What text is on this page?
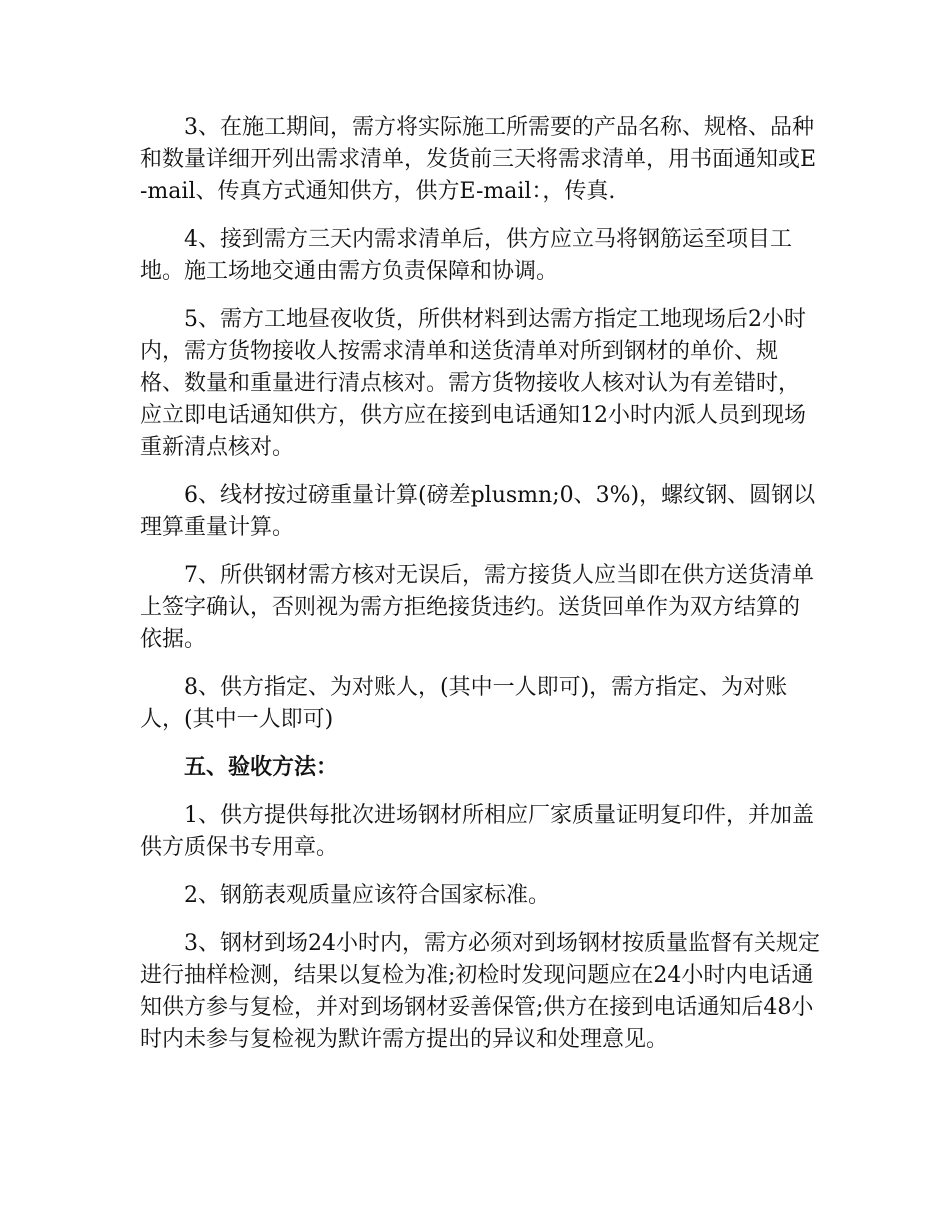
3、在施工期间，需方将实际施工所需要的产品名称、规格、品种和数量详细开列出需求清单，发货前三天将需求清单，用书面通知或E-mail、传真方式通知供方，供方E-mail：，传真.

4、接到需方三天内需求清单后，供方应立马将钢筋运至项目工地。施工场地交通由需方负责保障和协调。

5、需方工地昼夜收货，所供材料到达需方指定工地现场后2小时内，需方货物接收人按需求清单和送货清单对所到钢材的单价、规格、数量和重量进行清点核对。需方货物接收人核对认为有差错时，应立即电话通知供方，供方应在接到电话通知12小时内派人员到现场重新清点核对。

6、线材按过磅重量计算(磅差plusmn;0、3%)，螺纹钢、圆钢以理算重量计算。

7、所供钢材需方核对无误后，需方接货人应当即在供方送货清单上签字确认，否则视为需方拒绝接货违约。送货回单作为双方结算的依据。

8、供方指定、为对账人，(其中一人即可)，需方指定、为对账人，(其中一人即可)

五、验收方法：

1、供方提供每批次进场钢材所相应厂家质量证明复印件，并加盖供方质保书专用章。

2、钢筋表观质量应该符合国家标准。

3、钢材到场24小时内，需方必须对到场钢材按质量监督有关规定进行抽样检测，结果以复检为准;初检时发现问题应在24小时内电话通知供方参与复检，并对到场钢材妥善保管;供方在接到电话通知后48小时内未参与复检视为默许需方提出的异议和处理意见。
